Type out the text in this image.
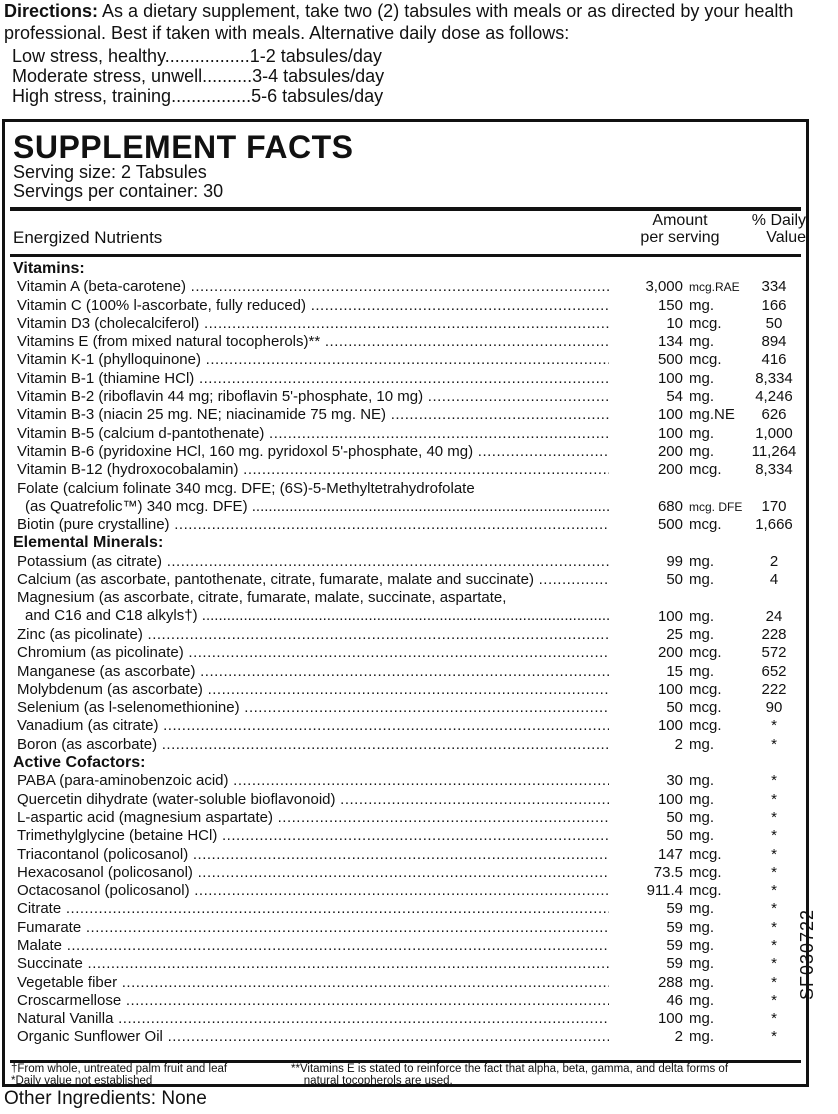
Directions: As a dietary supplement, take two (2) tabsules with meals or as directed by your health professional. Best if taken with meals. Alternative daily dose as follows:
Low stress, healthy.................1-2 tabsules/day
Moderate stress, unwell..........3-4 tabsules/day
High stress, training................5-6 tabsules/day
SUPPLEMENT FACTS
Serving size: 2 Tabsules
Servings per container: 30
Energized Nutrients
Amount
per serving
% Daily
Value
Vitamins:
Vitamin A (beta-carotene) .....	3,000 mcg.RAE	334
Vitamin C (100% l-ascorbate, fully reduced) .....	150 mg.	166
Vitamin D3 (cholecalciferol) .....	10 mcg.	50
Vitamins E (from mixed natural tocopherols)** .....	134 mg.	894
Vitamin K-1 (phylloquinone) .....	500 mcg.	416
Vitamin B-1 (thiamine HCl) .....	100 mg.	8,334
Vitamin B-2 (riboflavin 44 mg; riboflavin 5'-phosphate, 10 mg) .....	54 mg.	4,246
Vitamin B-3 (niacin 25 mg. NE; niacinamide 75 mg. NE) .....	100 mg.NE	626
Vitamin B-5 (calcium d-pantothenate) .....	100 mg.	1,000
Vitamin B-6 (pyridoxine HCl, 160 mg. pyridoxol 5'-phosphate, 40 mg) .....	200 mg.	11,264
Vitamin B-12 (hydroxocobalamin) .....	200 mcg.	8,334
Folate (calcium folinate 340 mcg. DFE; (6S)-5-Methyltetrahydrofolate
(as Quatrefolic™) 340 mcg. DFE) .....	680 mcg. DFE	170
Biotin (pure crystalline) .....	500 mcg.	1,666
Elemental Minerals:
Potassium (as citrate) .....	99 mg.	2
Calcium (as ascorbate, pantothenate, citrate, fumarate, malate and succinate) .....	50 mg.	4
Magnesium (as ascorbate, citrate, fumarate, malate, succinate, aspartate,
and C16 and C18 alkyls†) .....	100 mg.	24
Zinc (as picolinate) .....	25 mg.	228
Chromium (as picolinate) .....	200 mcg.	572
Manganese (as ascorbate) .....	15 mg.	652
Molybdenum (as ascorbate) .....	100 mcg.	222
Selenium (as l-selenomethionine) .....	50 mcg.	90
Vanadium (as citrate) .....	100 mcg.	*
Boron (as ascorbate) .....	2 mg.	*
Active Cofactors:
PABA (para-aminobenzoic acid) .....	30 mg.	*
Quercetin dihydrate (water-soluble bioflavonoid) .....	100 mg.	*
L-aspartic acid (magnesium aspartate) .....	50 mg.	*
Trimethylglycine (betaine HCl) .....	50 mg.	*
Triacontanol (policosanol) .....	147 mcg.	*
Hexacosanol (policosanol) .....	73.5 mcg.	*
Octacosanol (policosanol) .....	911.4 mcg.	*
Citrate .....	59 mg.	*
Fumarate .....	59 mg.	*
Malate .....	59 mg.	*
Succinate .....	59 mg.	*
Vegetable fiber .....	288 mg.	*
Croscarmellose .....	46 mg.	*
Natural Vanilla .....	100 mg.	*
Organic Sunflower Oil .....	2 mg.	*
†From whole, untreated palm fruit and leaf
*Daily value not established
**Vitamins E is stated to reinforce the fact that alpha, beta, gamma, and delta forms of
natural tocopherols are used.
Other Ingredients: None
SF030722
